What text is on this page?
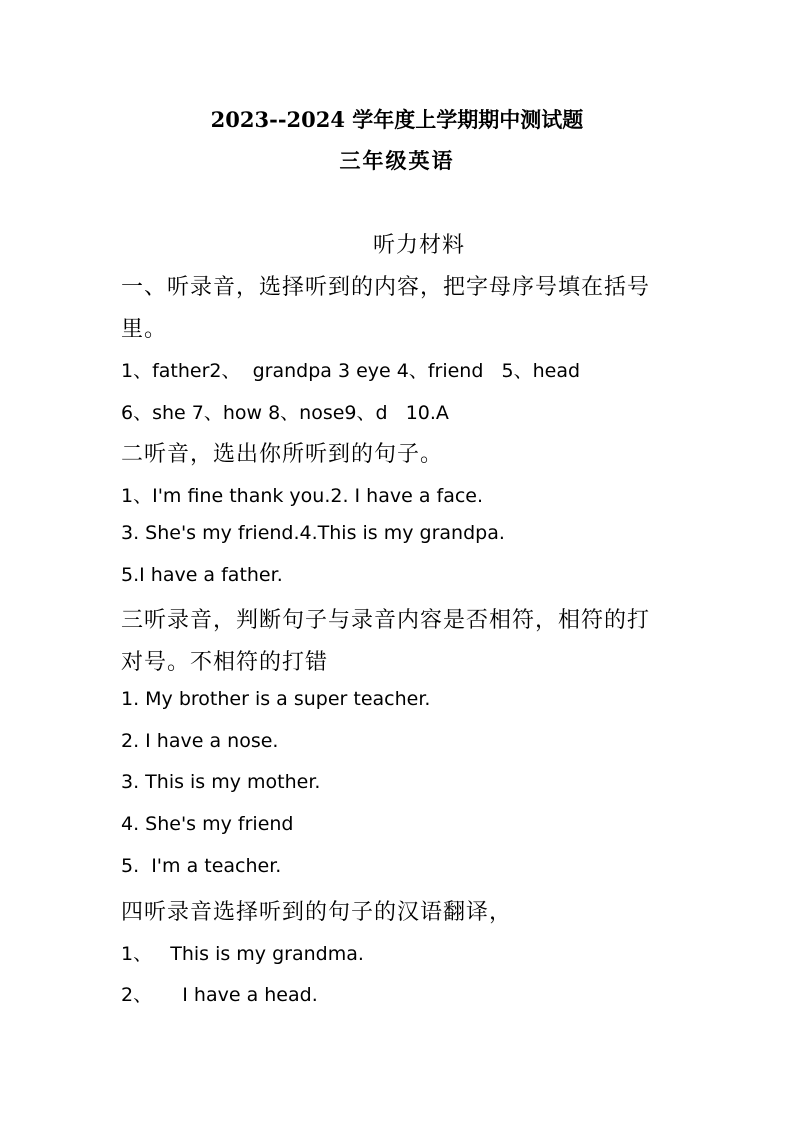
2023--2024 学年度上学期期中测试题
三年级英语
听力材料
一、听录音，选择听到的内容，把字母序号填在括号
里。
1、father2、  grandpa 3 eye 4、friend   5、head
6、she 7、how 8、nose9、d   10.A
二听音，选出你所听到的句子。
1、I'm fine thank you.2. I have a face.
3. She's my friend.4.This is my grandpa.
5.I have a father.
三听录音，判断句子与录音内容是否相符，相符的打
对号。不相符的打错
1. My brother is a super teacher.
2. I have a nose.
3. This is my mother.
4. She's my friend
5.  I'm a teacher.
四听录音选择听到的句子的汉语翻译，
1、   This is my grandma.
2、     I have a head.
